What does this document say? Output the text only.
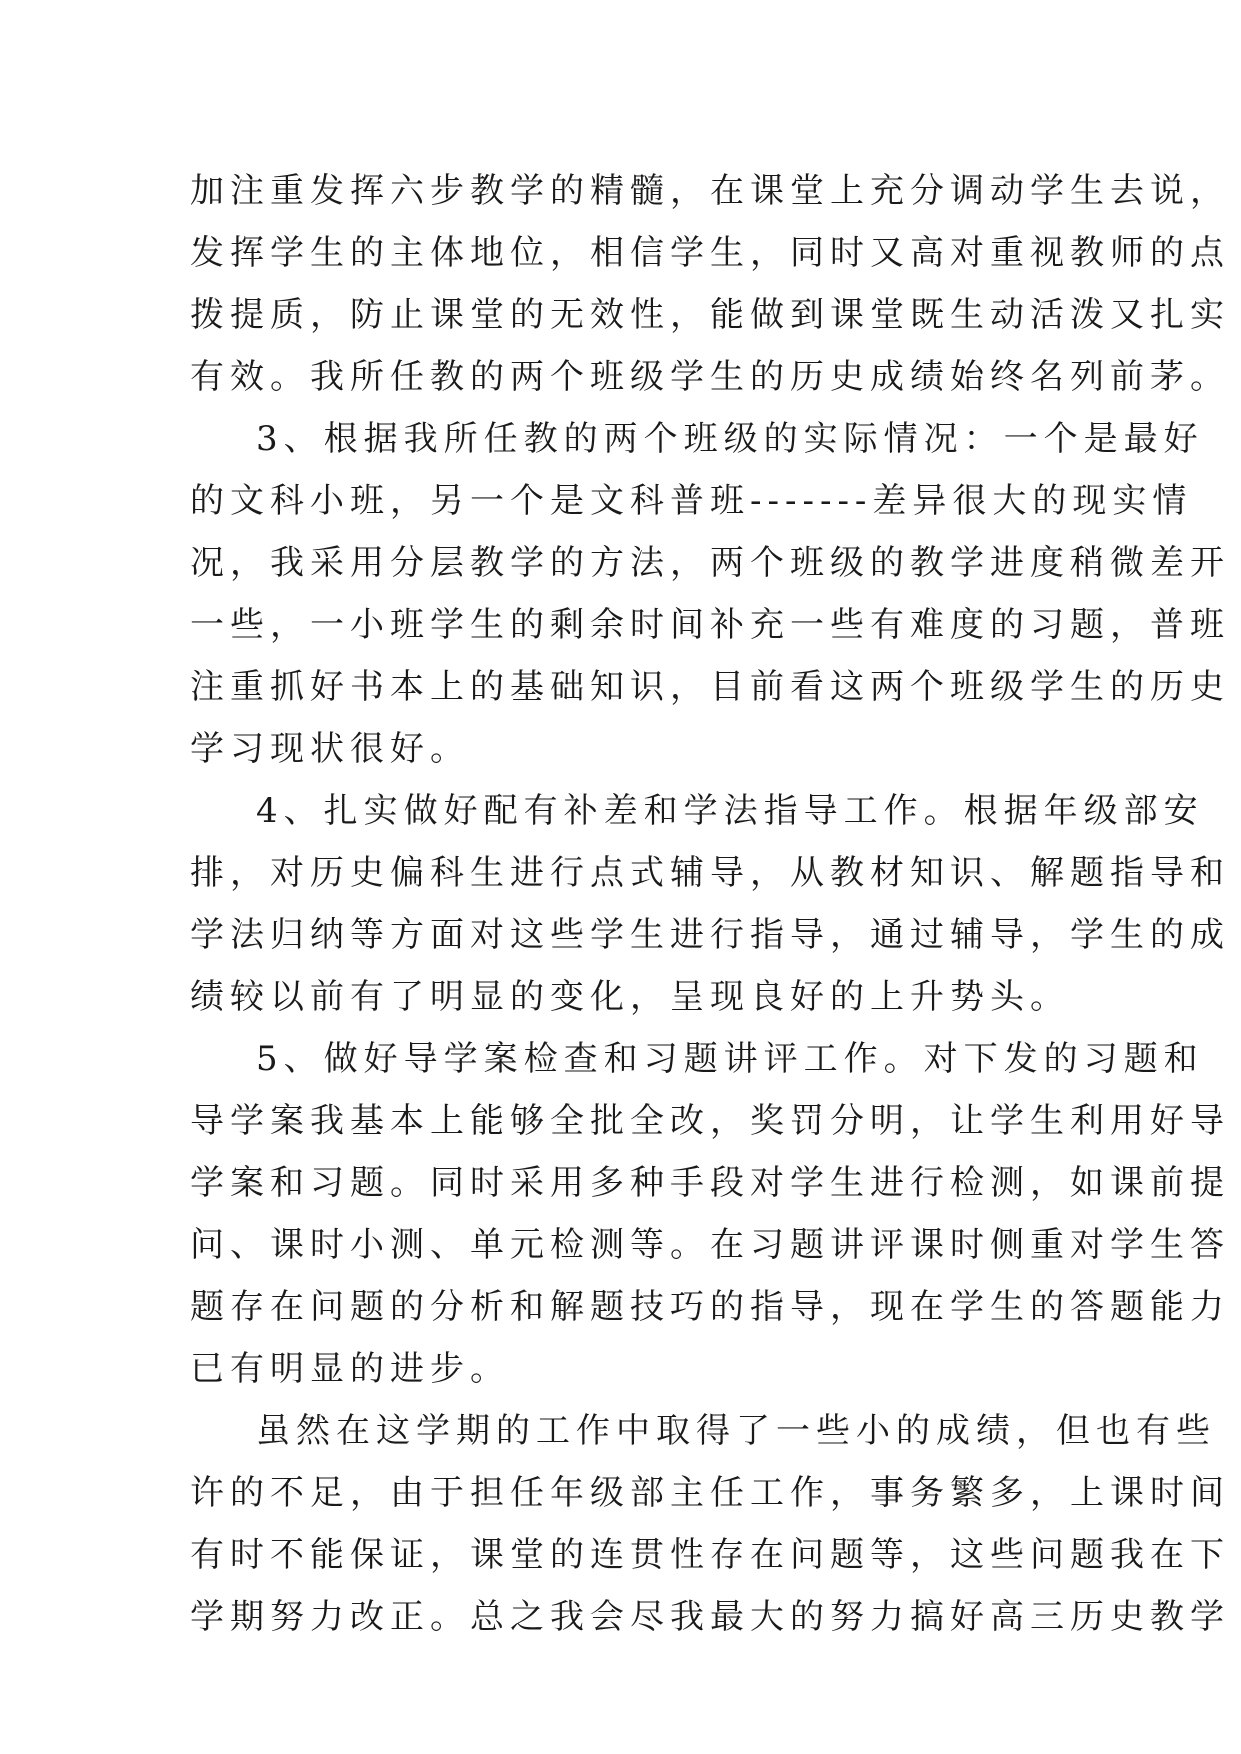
加注重发挥六步教学的精髓，在课堂上充分调动学生去说，
发挥学生的主体地位，相信学生，同时又高对重视教师的点
拨提质，防止课堂的无效性，能做到课堂既生动活泼又扎实
有效。我所任教的两个班级学生的历史成绩始终名列前茅。
3、根据我所任教的两个班级的实际情况：一个是最好
的文科小班，另一个是文科普班-------差异很大的现实情
况，我采用分层教学的方法，两个班级的教学进度稍微差开
一些，一小班学生的剩余时间补充一些有难度的习题，普班
注重抓好书本上的基础知识，目前看这两个班级学生的历史
学习现状很好。
4、扎实做好配有补差和学法指导工作。根据年级部安
排，对历史偏科生进行点式辅导，从教材知识、解题指导和
学法归纳等方面对这些学生进行指导，通过辅导，学生的成
绩较以前有了明显的变化，呈现良好的上升势头。
5、做好导学案检查和习题讲评工作。对下发的习题和
导学案我基本上能够全批全改，奖罚分明，让学生利用好导
学案和习题。同时采用多种手段对学生进行检测，如课前提
问、课时小测、单元检测等。在习题讲评课时侧重对学生答
题存在问题的分析和解题技巧的指导，现在学生的答题能力
已有明显的进步。
虽然在这学期的工作中取得了一些小的成绩，但也有些
许的不足，由于担任年级部主任工作，事务繁多，上课时间
有时不能保证，课堂的连贯性存在问题等，这些问题我在下
学期努力改正。总之我会尽我最大的努力搞好高三历史教学
